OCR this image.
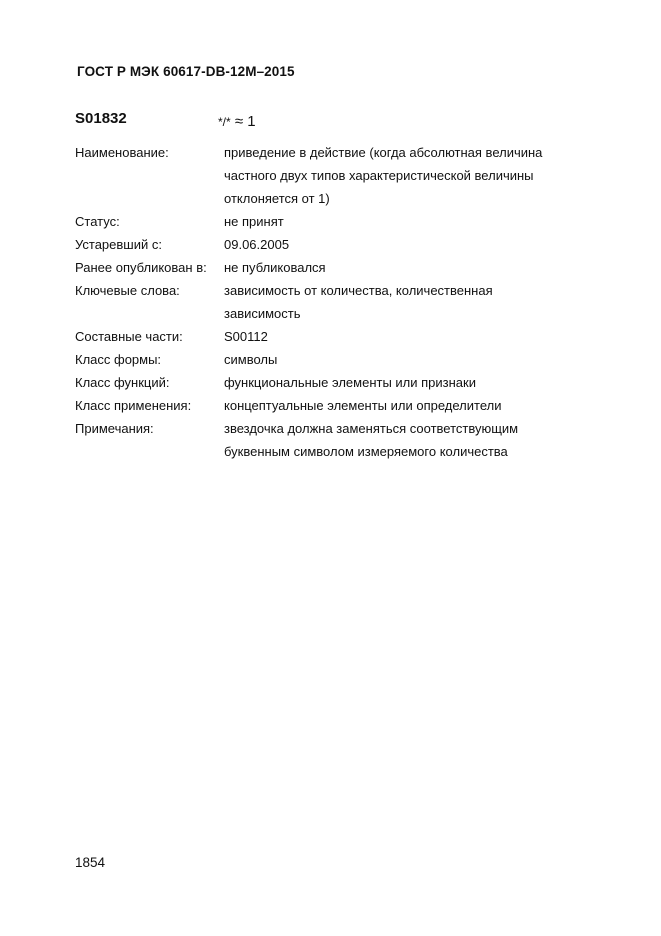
ГОСТ Р МЭК 60617-DB-12M–2015
S01832	*/* ≈ 1
Наименование:	приведение в действие (когда абсолютная величина
частного двух типов характеристической величины
отклоняется от 1)
Статус:	не принят
Устаревший с:	09.06.2005
Ранее опубликован в:	не публиковался
Ключевые слова:	зависимость от количества, количественная
зависимость
Составные части:	S00112
Класс формы:	символы
Класс функций:	функциональные элементы или признаки
Класс применения:	концептуальные элементы или определители
Примечания:	звездочка должна заменяться соответствующим
буквенным символом измеряемого количества
1854
